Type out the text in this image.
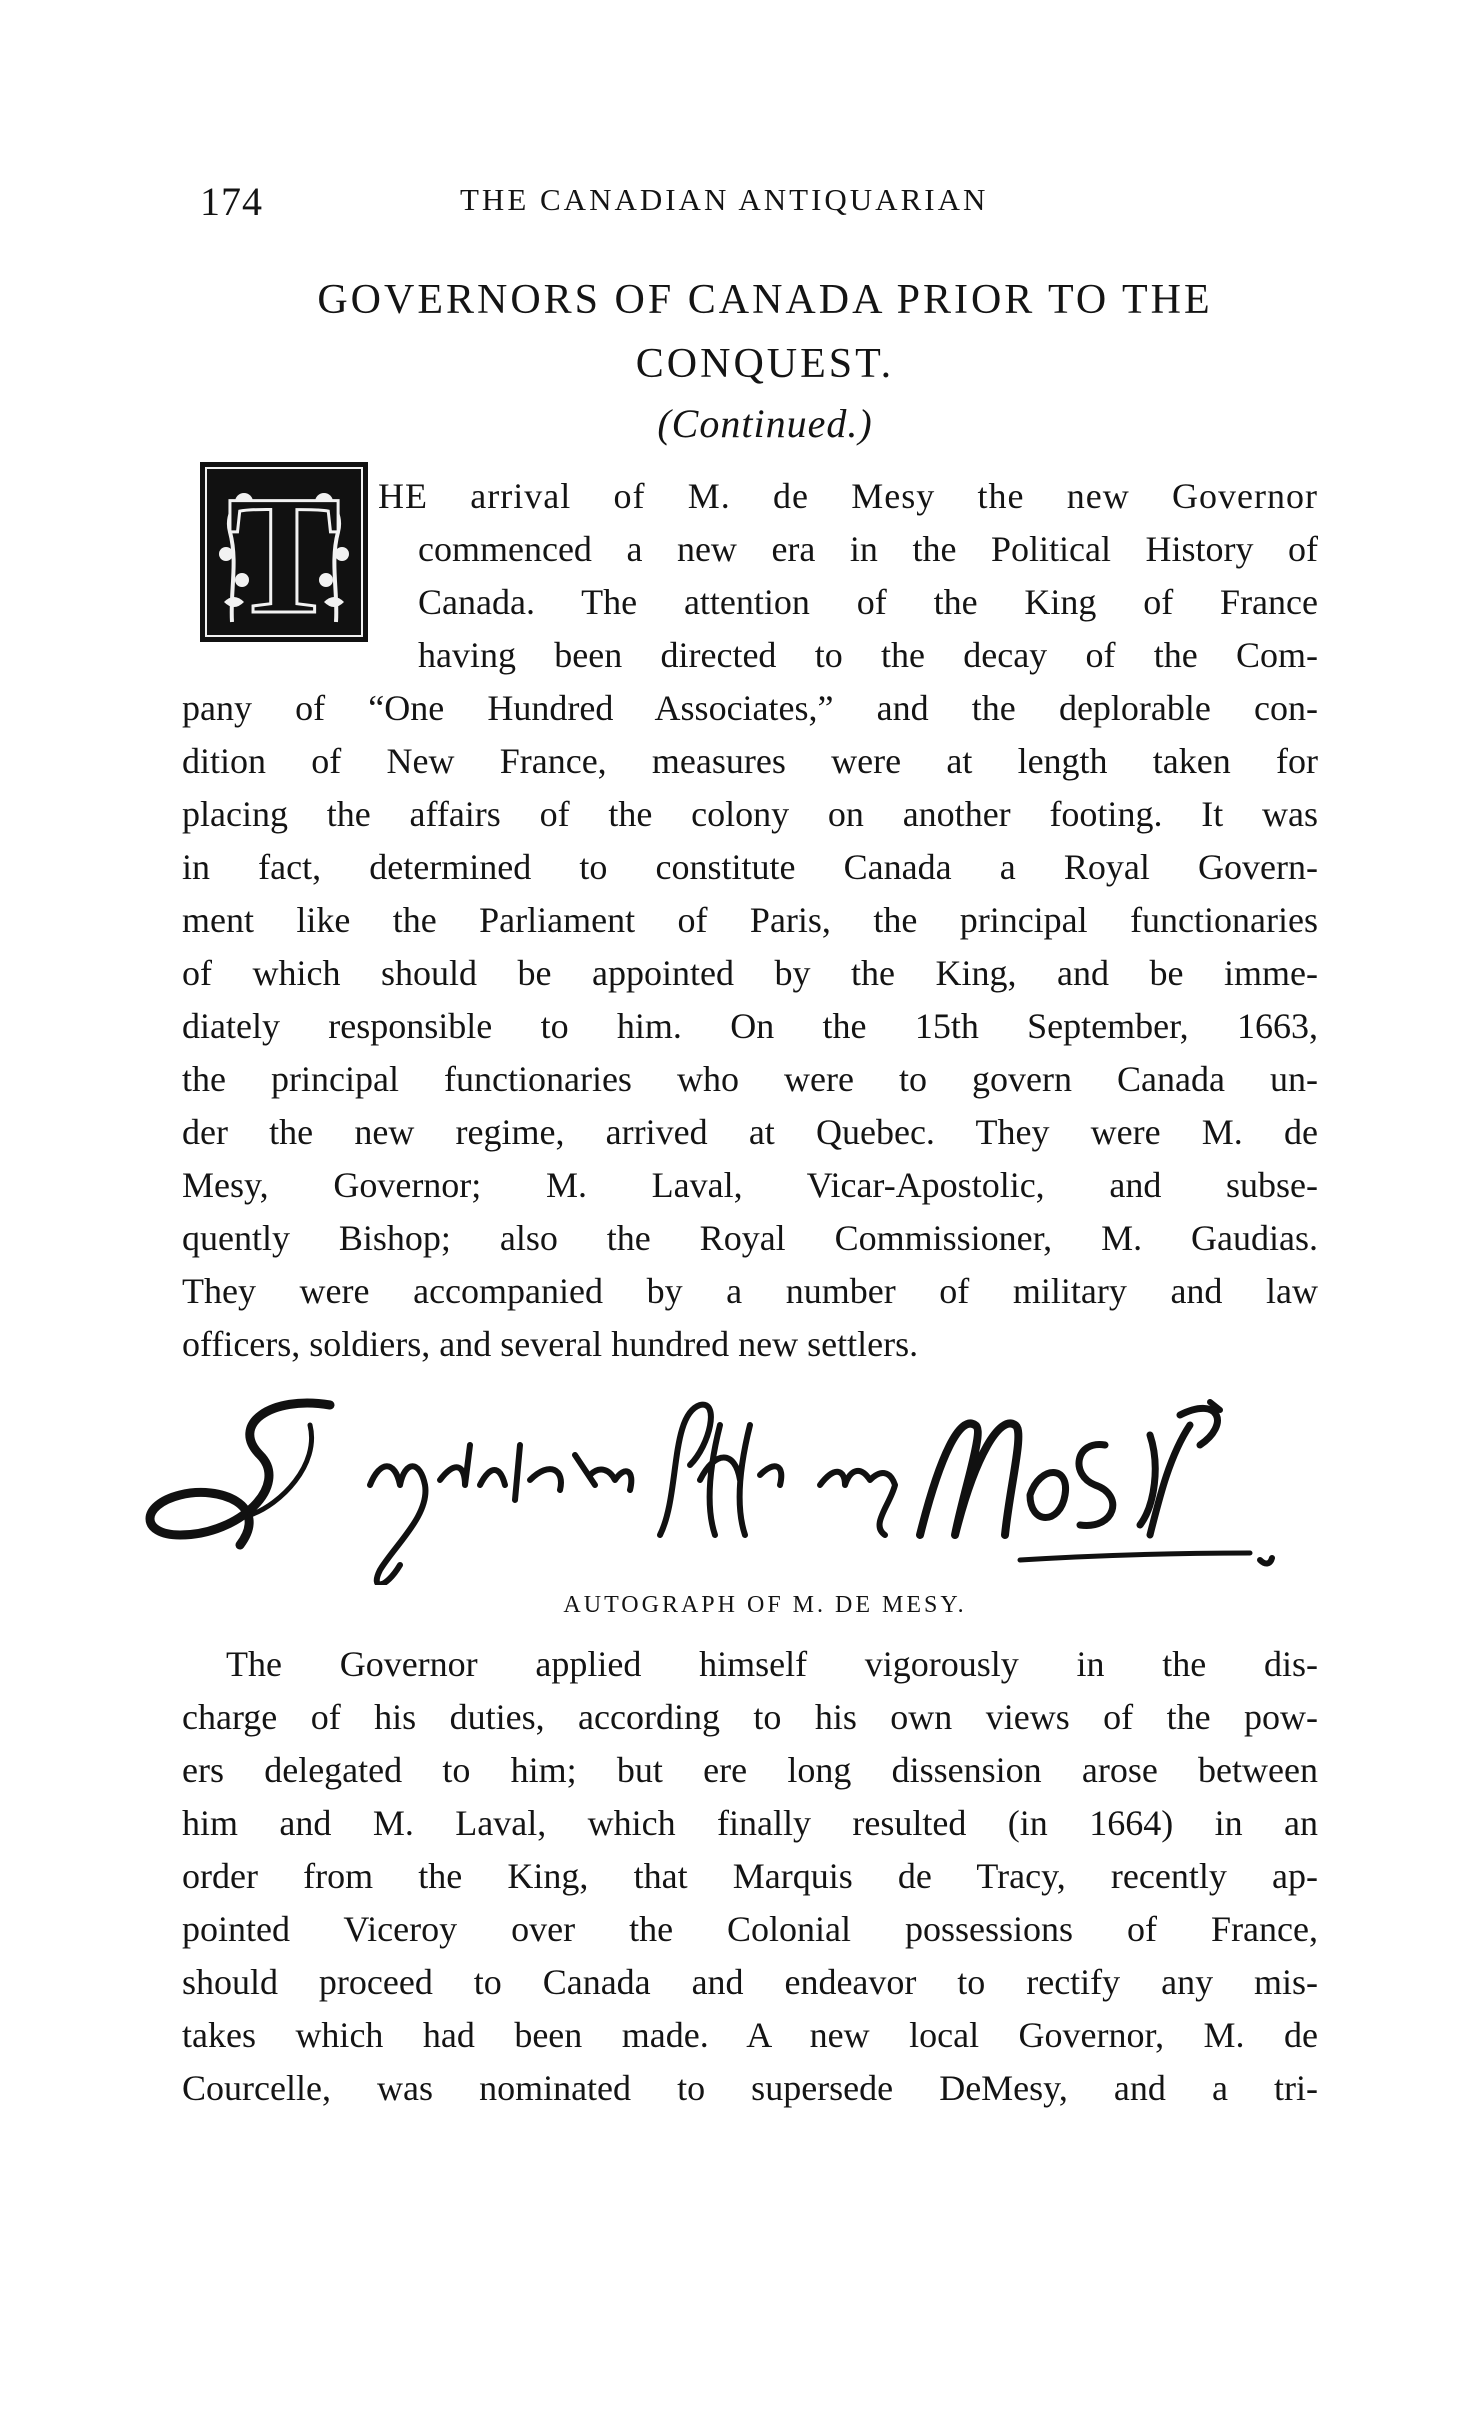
174	THE CANADIAN ANTIQUARIAN
GOVERNORS OF CANADA PRIOR TO THE
CONQUEST.
(Continued.)
T HE arrival of M. de Mesy the new Governor
commenced a new era in the Political History of
Canada. The attention of the King of France
having been directed to the decay of the Com-
pany of “One Hundred Associates,” and the deplorable con-
dition of New France, measures were at length taken for
placing the affairs of the colony on another footing. It was
in fact, determined to constitute Canada a Royal Govern-
ment like the Parliament of Paris, the principal functionaries
of which should be appointed by the King, and be imme-
diately responsible to him. On the 15th September, 1663,
the principal functionaries who were to govern Canada un-
der the new regime, arrived at Quebec. They were M. de
Mesy, Governor; M. Laval, Vicar-Apostolic, and subse-
quently Bishop; also the Royal Commissioner, M. Gaudias.
They were accompanied by a number of military and law
officers, soldiers, and several hundred new settlers.
AUTOGRAPH OF M. DE MESY.
The Governor applied himself vigorously in the dis-
charge of his duties, according to his own views of the pow-
ers delegated to him; but ere long dissension arose between
him and M. Laval, which finally resulted (in 1664) in an
order from the King, that Marquis de Tracy, recently ap-
pointed Viceroy over the Colonial possessions of France,
should proceed to Canada and endeavor to rectify any mis-
takes which had been made. A new local Governor, M. de
Courcelle, was nominated to supersede DeMesy, and a tri-
